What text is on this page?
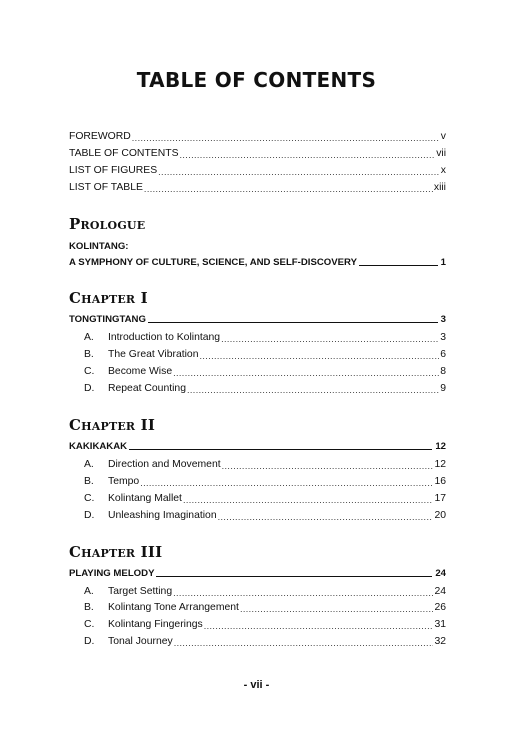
TABLE OF CONTENTS
FOREWORD .....	v
TABLE OF CONTENTS .....	vii
LIST OF FIGURES .....	x
LIST OF TABLE .....	xiii
Prologue
KOLINTANG:
A SYMPHONY OF CULTURE, SCIENCE, AND SELF-DISCOVERY	1
Chapter I
TONGTINGTANG	3
A. Introduction to Kolintang .....	3
B. The Great Vibration .....	6
C. Become Wise .....	8
D. Repeat Counting .....	9
Chapter II
KAKIKAKAK	12
A. Direction and Movement .....	12
B. Tempo .....	16
C. Kolintang Mallet .....	17
D. Unleashing Imagination .....	20
Chapter III
PLAYING MELODY	24
A. Target Setting .....	24
B. Kolintang Tone Arrangement .....	26
C. Kolintang Fingerings .....	31
D. Tonal Journey .....	32
- vii -
